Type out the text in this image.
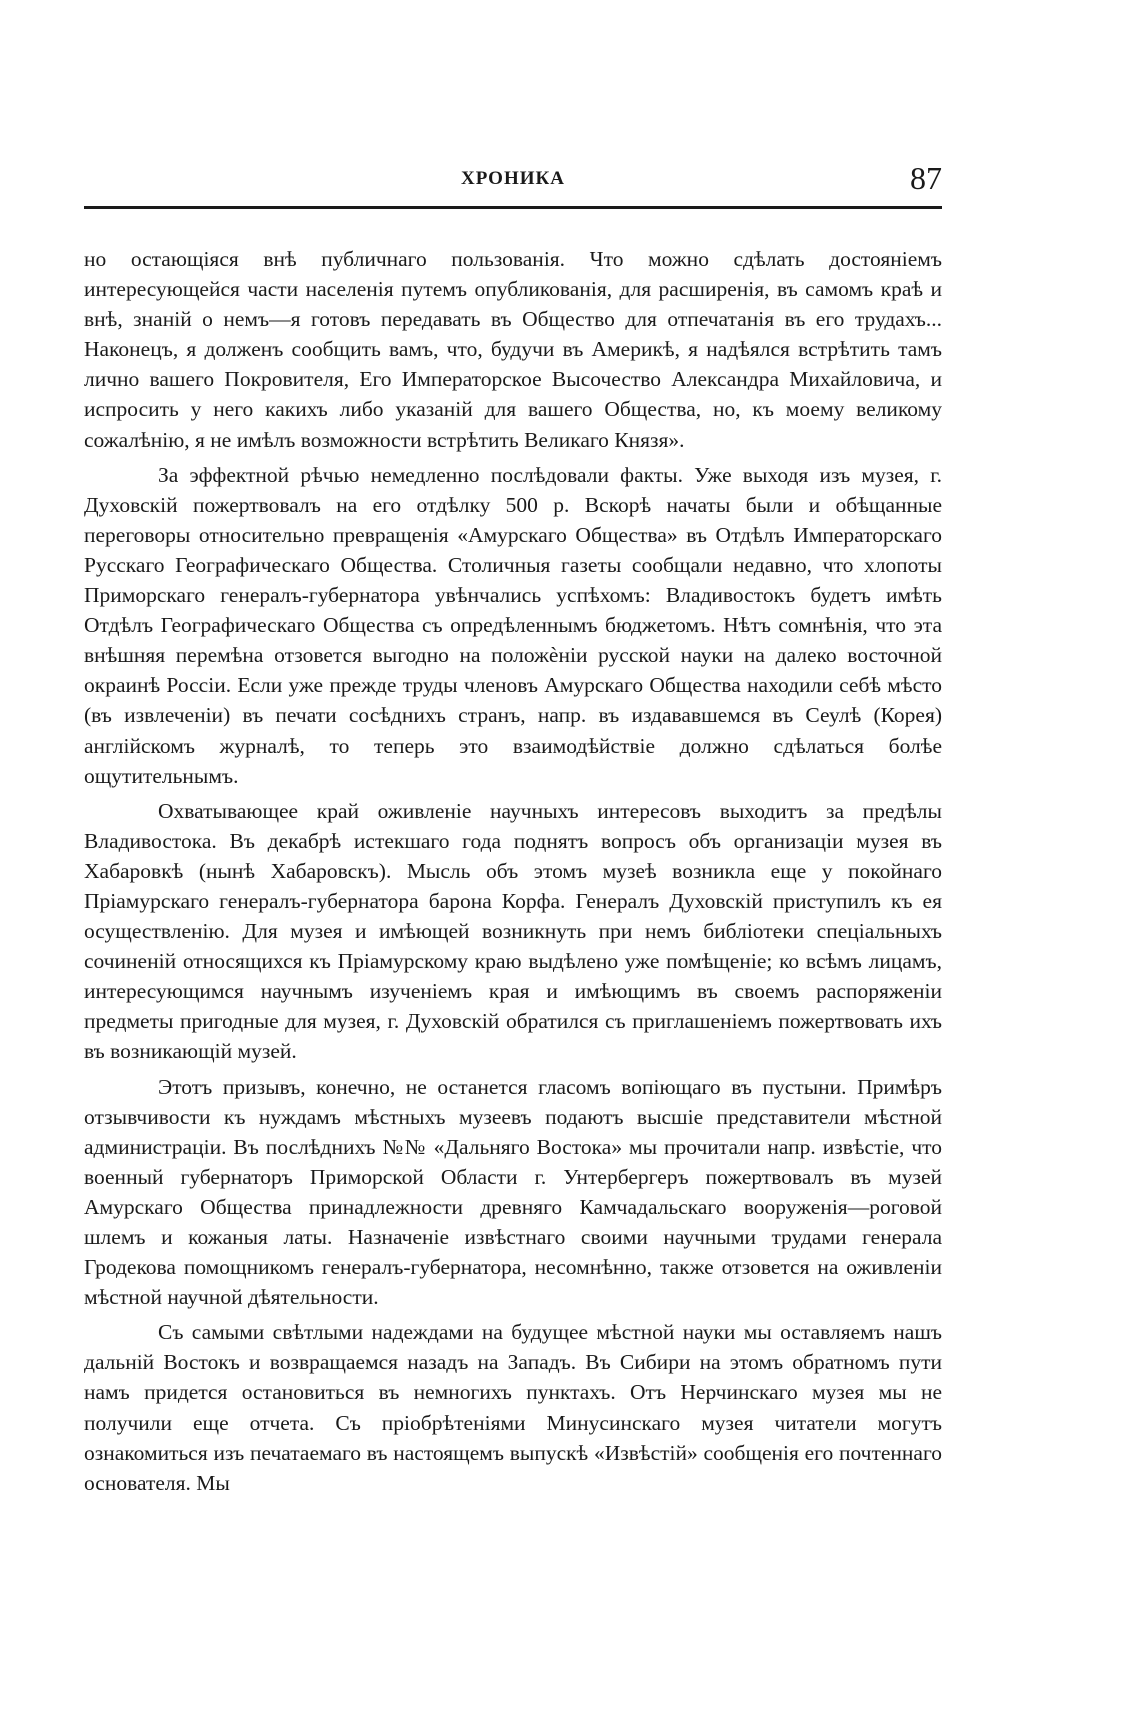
ХРОНИКА	87

но остающіяся внѣ публичнаго пользованія. Что можно сдѣлать достояніемъ интересующейся части населенія путемъ опубликованія, для расширенія, въ самомъ краѣ и внѣ, знаній о немъ—я готовъ передавать въ Общество для отпечатанія въ его трудахъ... Наконецъ, я долженъ сообщить вамъ, что, будучи въ Америкѣ, я надѣялся встрѣтить тамъ лично вашего Покровителя, Его Императорское Высочество Александра Михайловича, и испросить у него какихъ либо указаній для вашего Общества, но, къ моему великому сожалѣнію, я не имѣлъ возможности встрѣтить Великаго Князя».

За эффектной рѣчью немедленно послѣдовали факты. Уже выходя изъ музея, г. Духовскій пожертвовалъ на его отдѣлку 500 р. Вскорѣ начаты были и обѣщанные переговоры относительно превращенія «Амурскаго Общества» въ Отдѣлъ Императорскаго Русскаго Географическаго Общества. Столичныя газеты сообщали недавно, что хлопоты Приморскаго генералъ-губернатора увѣнчались успѣхомъ: Владивостокъ будетъ имѣть Отдѣлъ Географическаго Общества съ опредѣленнымъ бюджетомъ. Нѣтъ сомнѣнія, что эта внѣшняя перемѣна отзовется выгодно на положѐніи русской науки на далеко восточной окраинѣ Россіи. Если уже прежде труды членовъ Амурскаго Общества находили себѣ мѣсто (въ извлеченіи) въ печати сосѣднихъ странъ, напр. въ издававшемся въ Сеулѣ (Корея) англійскомъ журналѣ, то теперь это взаимодѣйствіе должно сдѣлаться болѣе ощутительнымъ.

Охватывающее край оживленіе научныхъ интересовъ выходитъ за предѣлы Владивостока. Въ декабрѣ истекшаго года поднятъ вопросъ объ организаціи музея въ Хабаровкѣ (нынѣ Хабаровскъ). Мысль объ этомъ музеѣ возникла еще у покойнаго Пріамурскаго генералъ-губернатора барона Корфа. Генералъ Духовскій приступилъ къ ея осуществленію. Для музея и имѣющей возникнуть при немъ библіотеки спеціальныхъ сочиненій относящихся къ Пріамурскому краю выдѣлено уже помѣщеніе; ко всѣмъ лицамъ, интересующимся научнымъ изученіемъ края и имѣющимъ въ своемъ распоряженіи предметы пригодные для музея, г. Духовскій обратился съ приглашеніемъ пожертвовать ихъ въ возникающій музей.

Этотъ призывъ, конечно, не останется гласомъ вопіющаго въ пустыни. Примѣръ отзывчивости къ нуждамъ мѣстныхъ музеевъ подаютъ высшіе представители мѣстной администраціи. Въ послѣднихъ №№ «Дальняго Востока» мы прочитали напр. извѣстіе, что военный губернаторъ Приморской Области г. Унтербергеръ пожертвовалъ въ музей Амурскаго Общества принадлежности древняго Камчадальскаго вооруженія—роговой шлемъ и кожаныя латы. Назначеніе извѣстнаго своими научными трудами генерала Гродекова помощникомъ генералъ-губернатора, несомнѣнно, также отзовется на оживленіи мѣстной научной дѣятельности.

Съ самыми свѣтлыми надеждами на будущее мѣстной науки мы оставляемъ нашъ дальній Востокъ и возвращаемся назадъ на Западъ. Въ Сибири на этомъ обратномъ пути намъ придется остановиться въ немногихъ пунктахъ. Отъ Нерчинскаго музея мы не получили еще отчета. Съ пріобрѣтеніями Минусинскаго музея читатели могутъ ознакомиться изъ печатаемаго въ настоящемъ выпускѣ «Извѣстій» сообщенія его почтеннаго основателя. Мы
